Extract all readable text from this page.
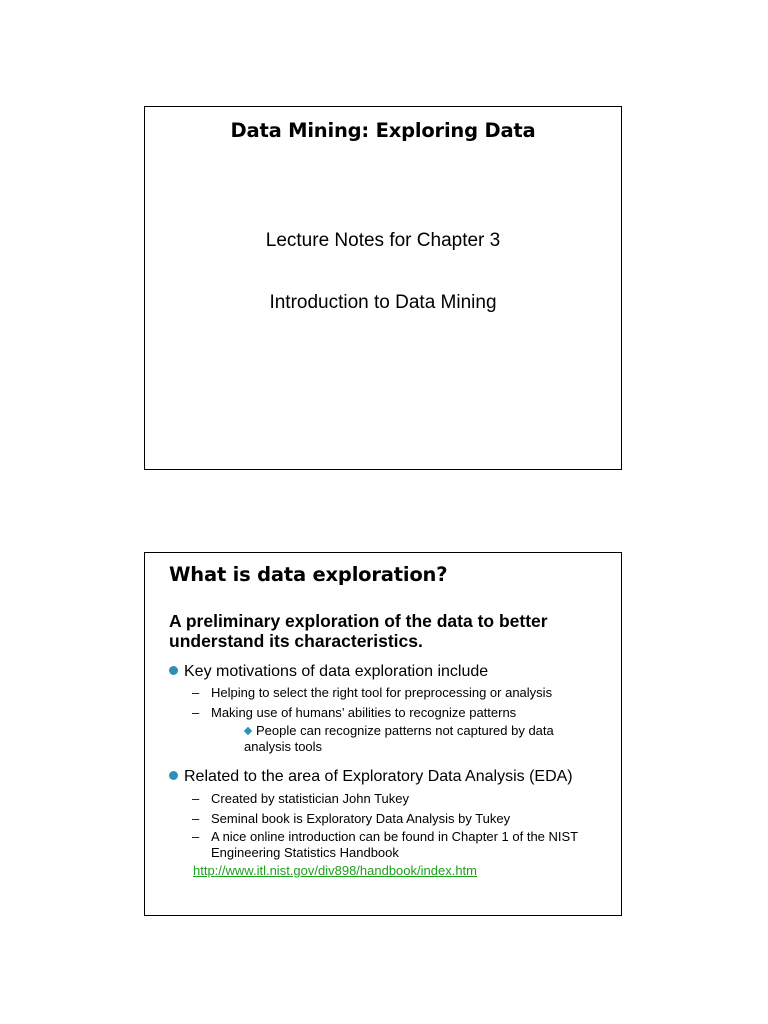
Data Mining: Exploring Data
Lecture Notes for Chapter 3
Introduction to Data Mining
What is data exploration?
A preliminary exploration of the data to better understand its characteristics.
Key motivations of data exploration include
– Helping to select the right tool for preprocessing or analysis
– Making use of humans’ abilities to recognize patterns
People can recognize patterns not captured by data analysis tools
Related to the area of Exploratory Data Analysis (EDA)
– Created by statistician John Tukey
– Seminal book is Exploratory Data Analysis by Tukey
– A nice online introduction can be found in Chapter 1 of the NIST Engineering Statistics Handbook
http://www.itl.nist.gov/div898/handbook/index.htm
